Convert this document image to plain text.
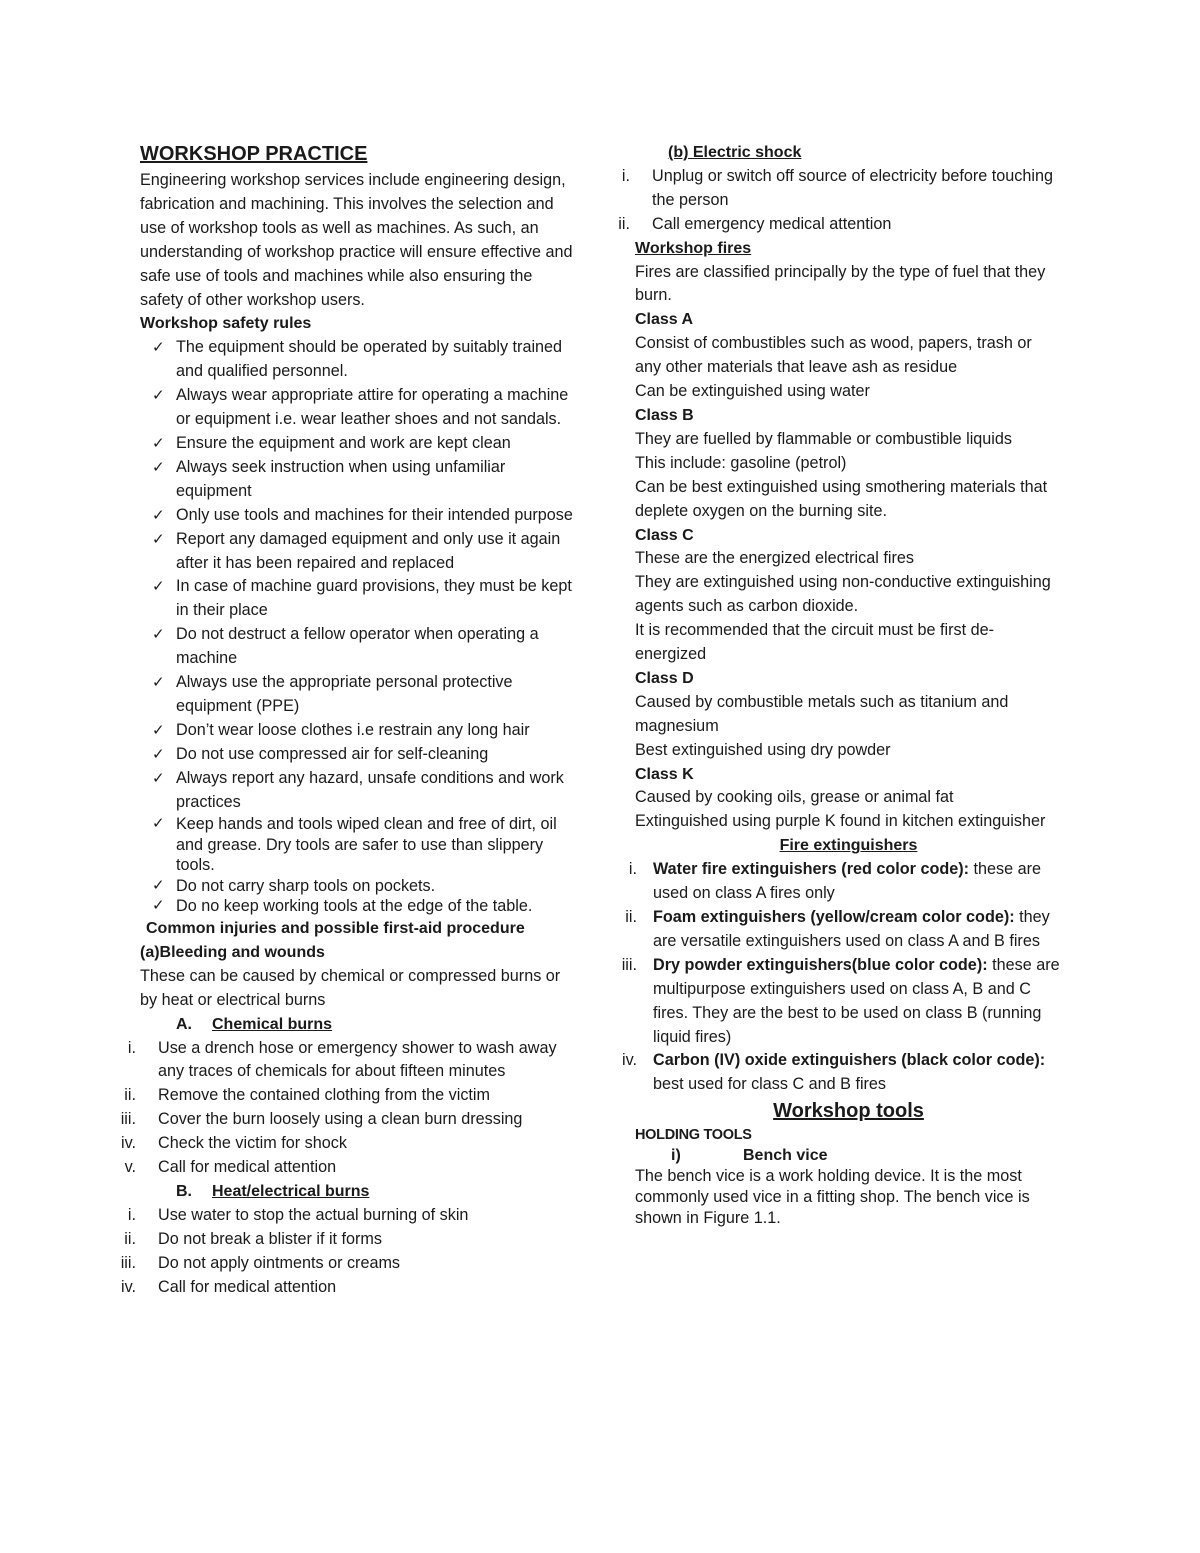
WORKSHOP PRACTICE

Engineering workshop services include engineering design, fabrication and machining. This involves the selection and use of workshop tools as well as machines. As such, an understanding of workshop practice will ensure effective and safe use of tools and machines while also ensuring the safety of other workshop users.

Workshop safety rules

✓ The equipment should be operated by suitably trained and qualified personnel.
✓ Always wear appropriate attire for operating a machine or equipment i.e. wear leather shoes and not sandals.
✓ Ensure the equipment and work are kept clean
✓ Always seek instruction when using unfamiliar equipment
✓ Only use tools and machines for their intended purpose
✓ Report any damaged equipment and only use it again after it has been repaired and replaced
✓ In case of machine guard provisions, they must be kept in their place
✓ Do not destruct a fellow operator when operating a machine
✓ Always use the appropriate personal protective equipment (PPE)
✓ Don’t wear loose clothes i.e restrain any long hair
✓ Do not use compressed air for self-cleaning
✓ Always report any hazard, unsafe conditions and work practices
✓ Keep hands and tools wiped clean and free of dirt, oil and grease. Dry tools are safer to use than slippery tools.
✓ Do not carry sharp tools on pockets.
✓ Do no keep working tools at the edge of the table.

Common injuries and possible first-aid procedure

(a)Bleeding and wounds

These can be caused by chemical or compressed burns or by heat or electrical burns

A. Chemical burns

i. Use a drench hose or emergency shower to wash away any traces of chemicals for about fifteen minutes
ii. Remove the contained clothing from the victim
iii. Cover the burn loosely using a clean burn dressing
iv. Check the victim for shock
v. Call for medical attention

B. Heat/electrical burns

i. Use water to stop the actual burning of skin
ii. Do not break a blister if it forms
iii. Do not apply ointments or creams
iv. Call for medical attention

(b) Electric shock

i. Unplug or switch off source of electricity before touching the person
ii. Call emergency medical attention

Workshop fires

Fires are classified principally by the type of fuel that they burn.

Class A

Consist of combustibles such as wood, papers, trash or any other materials that leave ash as residue

Can be extinguished using water

Class B

They are fuelled by flammable or combustible liquids

This include: gasoline (petrol)

Can be best extinguished using smothering materials that deplete oxygen on the burning site.

Class C

These are the energized electrical fires

They are extinguished using non-conductive extinguishing agents such as carbon dioxide.

It is recommended that the circuit must be first de-energized

Class D

Caused by combustible metals such as titanium and magnesium

Best extinguished using dry powder

Class K

Caused by cooking oils, grease or animal fat

Extinguished using purple K found in kitchen extinguisher

Fire extinguishers

i. Water fire extinguishers (red color code): these are used on class A fires only
ii. Foam extinguishers (yellow/cream color code): they are versatile extinguishers used on class A and B fires
iii. Dry powder extinguishers(blue color code): these are multipurpose extinguishers used on class A, B and C fires. They are the best to be used on class B (running liquid fires)
iv. Carbon (IV) oxide extinguishers (black color code): best used for class C and B fires

Workshop tools

HOLDING TOOLS

i)	Bench vice

The bench vice is a work holding device. It is the most commonly used vice in a fitting shop. The bench vice is shown in Figure 1.1.
